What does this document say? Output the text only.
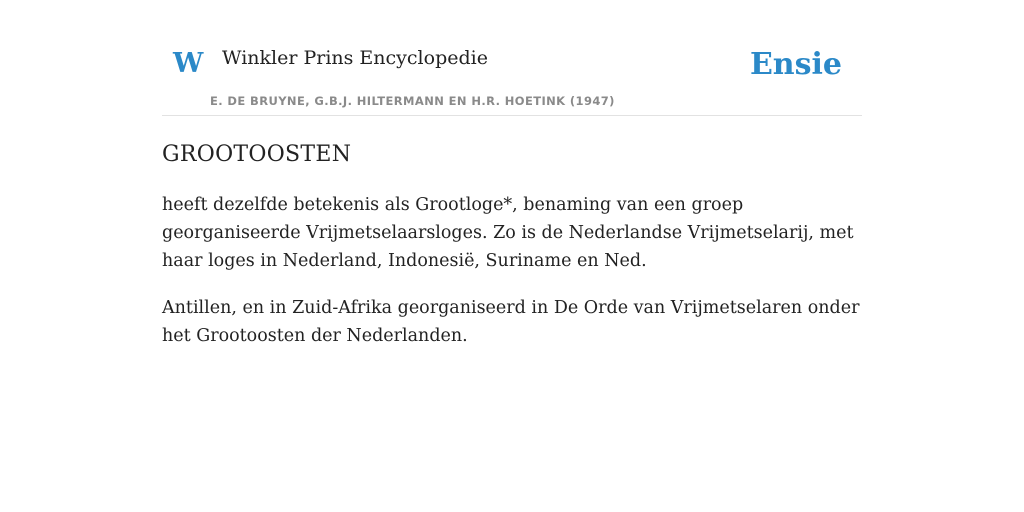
W Winkler Prins Encyclopedie
E. DE BRUYNE, G.B.J. HILTERMANN EN H.R. HOETINK (1947)
Ensie
GROOTOOSTEN

heeft dezelfde betekenis als Grootloge*, benaming van een groep georganiseerde Vrijmetselaarsloges. Zo is de Nederlandse Vrijmetselarij, met haar loges in Nederland, Indonesië, Suriname en Ned.

Antillen, en in Zuid-Afrika georganiseerd in De Orde van Vrijmetselaren onder het Grootoosten der Nederlanden.
